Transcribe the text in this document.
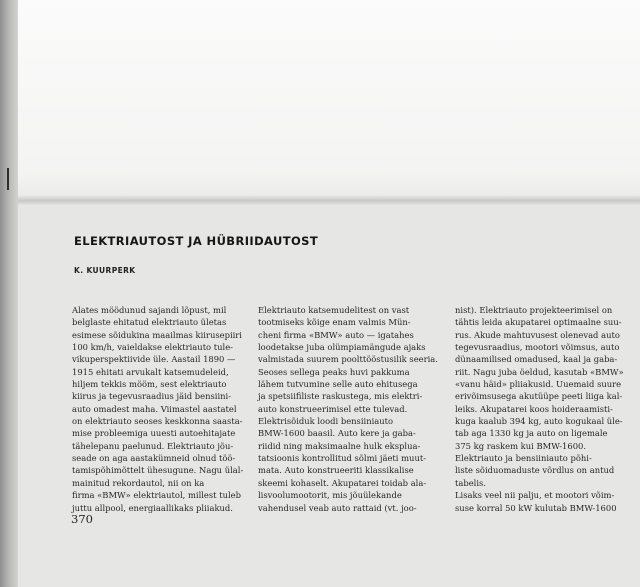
ELEKTRIAUTOST JA HÜBRIIDAUTOST

K. KUURPERK

Alates möödunud sajandi lõpust, mil
belglaste ehitatud elektriauto ületas
esimese sõidukina maailmas kiirusepiiri
100 km/h, vaieldakse elektriauto tule-
vikuperspektiivide üle. Aastail 1890 —
1915 ehitati arvukalt katsemudeleid,
hiljem tekkis mööm, sest elektriauto
kiirus ja tegevusraadius jäid bensiini-
auto omadest maha. Viimastel aastatel
on elektriauto seoses keskkonna saasta-
mise probleemiga uuesti autoehitajate
tähelepanu paelunud. Elektriauto jõu-
seade on aga aastakümneid olnud töö-
tamispõhimõttelt ühesugune. Nagu ülal-
mainitud rekordautol, nii on ka
firma «BMW» elektriautol, millest tuleb
juttu allpool, energiaallikaks pliiakud.
Elektriauto katsemudelitest on vast
tootmiseks kõige enam valmis Mün-
cheni firma «BMW» auto — igatahes
loodetakse juba olümpiamängude ajaks
valmistada suurem poolttööstusilik seeria.
Seoses sellega peaks huvi pakkuma
lähem tutvumine selle auto ehitusega
ja spetsiifiliste raskustega, mis elektri-
auto konstrueerimisel ette tulevad.
Elektrisõiduk loodi bensiiniauto
BMW-1600 baasil. Auto kere ja gaba-
riidid ning maksimaalne hulk ekspluа-
tatsioonis kontrollitud sõlmi jäeti muut-
mata. Auto konstrueeriti klassikalise
skeemi kohaselt. Akupatarei toidab ala-
lisvoolumootorit, mis jõuülekande
vahendusel veab auto rattaid (vt. joo-
nist). Elektriauto projekteerimisel on
tähtis leida akupatarei optimaalne suu-
rus. Akude mahtuvusest olenevad auto
tegevusraadius, mootori võimsus, auto
dünaamilised omadused, kaal ja gaba-
riit. Nagu juba öeldud, kasutab «BMW»
«vanu häid» pliiakusid. Uuemaid suure
erivõimsusega akutüüpe peeti liiga kal-
leiks. Akupatarei koos hoideraamisti-
kuga kaalub 394 kg, auto kogukaal üle-
tab aga 1330 kg ja auto on ligemale
375 kg raskem kui BMW-1600.
Elektriauto ja bensiiniauto põhi-
liste sõiduomaduste võrdlus on antud
tabelis.
Lisaks veel nii palju, et mootori võim-
suse korral 50 kW kulutab BMW-1600

370
